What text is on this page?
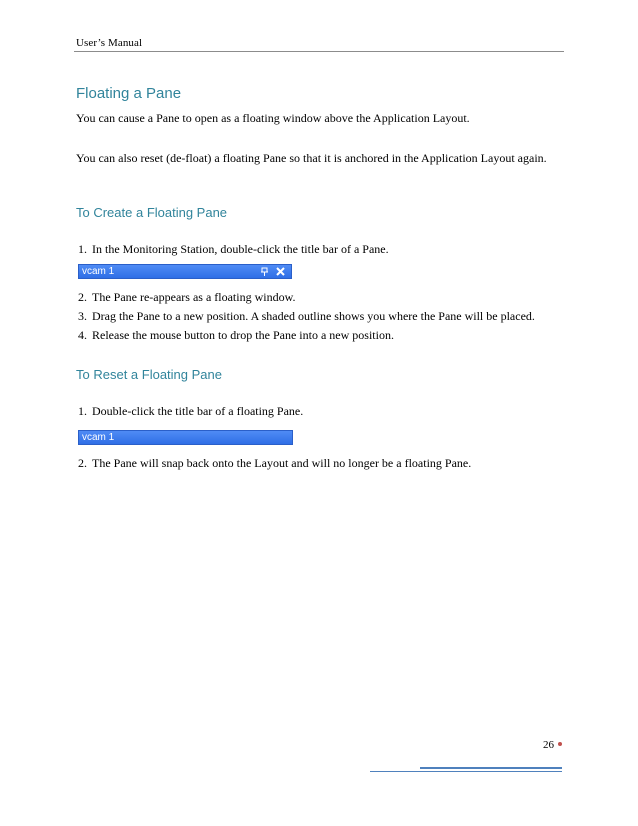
User’s Manual
Floating a Pane
You can cause a Pane to open as a floating window above the Application Layout.
You can also reset (de-float) a floating Pane so that it is anchored in the Application Layout again.
To Create a Floating Pane
1. In the Monitoring Station, double-click the title bar of a Pane.
vcam 1
2. The Pane re-appears as a floating window.
3. Drag the Pane to a new position. A shaded outline shows you where the Pane will be placed.
4. Release the mouse button to drop the Pane into a new position.
To Reset a Floating Pane
1. Double-click the title bar of a floating Pane.
vcam 1
2. The Pane will snap back onto the Layout and will no longer be a floating Pane.
26
